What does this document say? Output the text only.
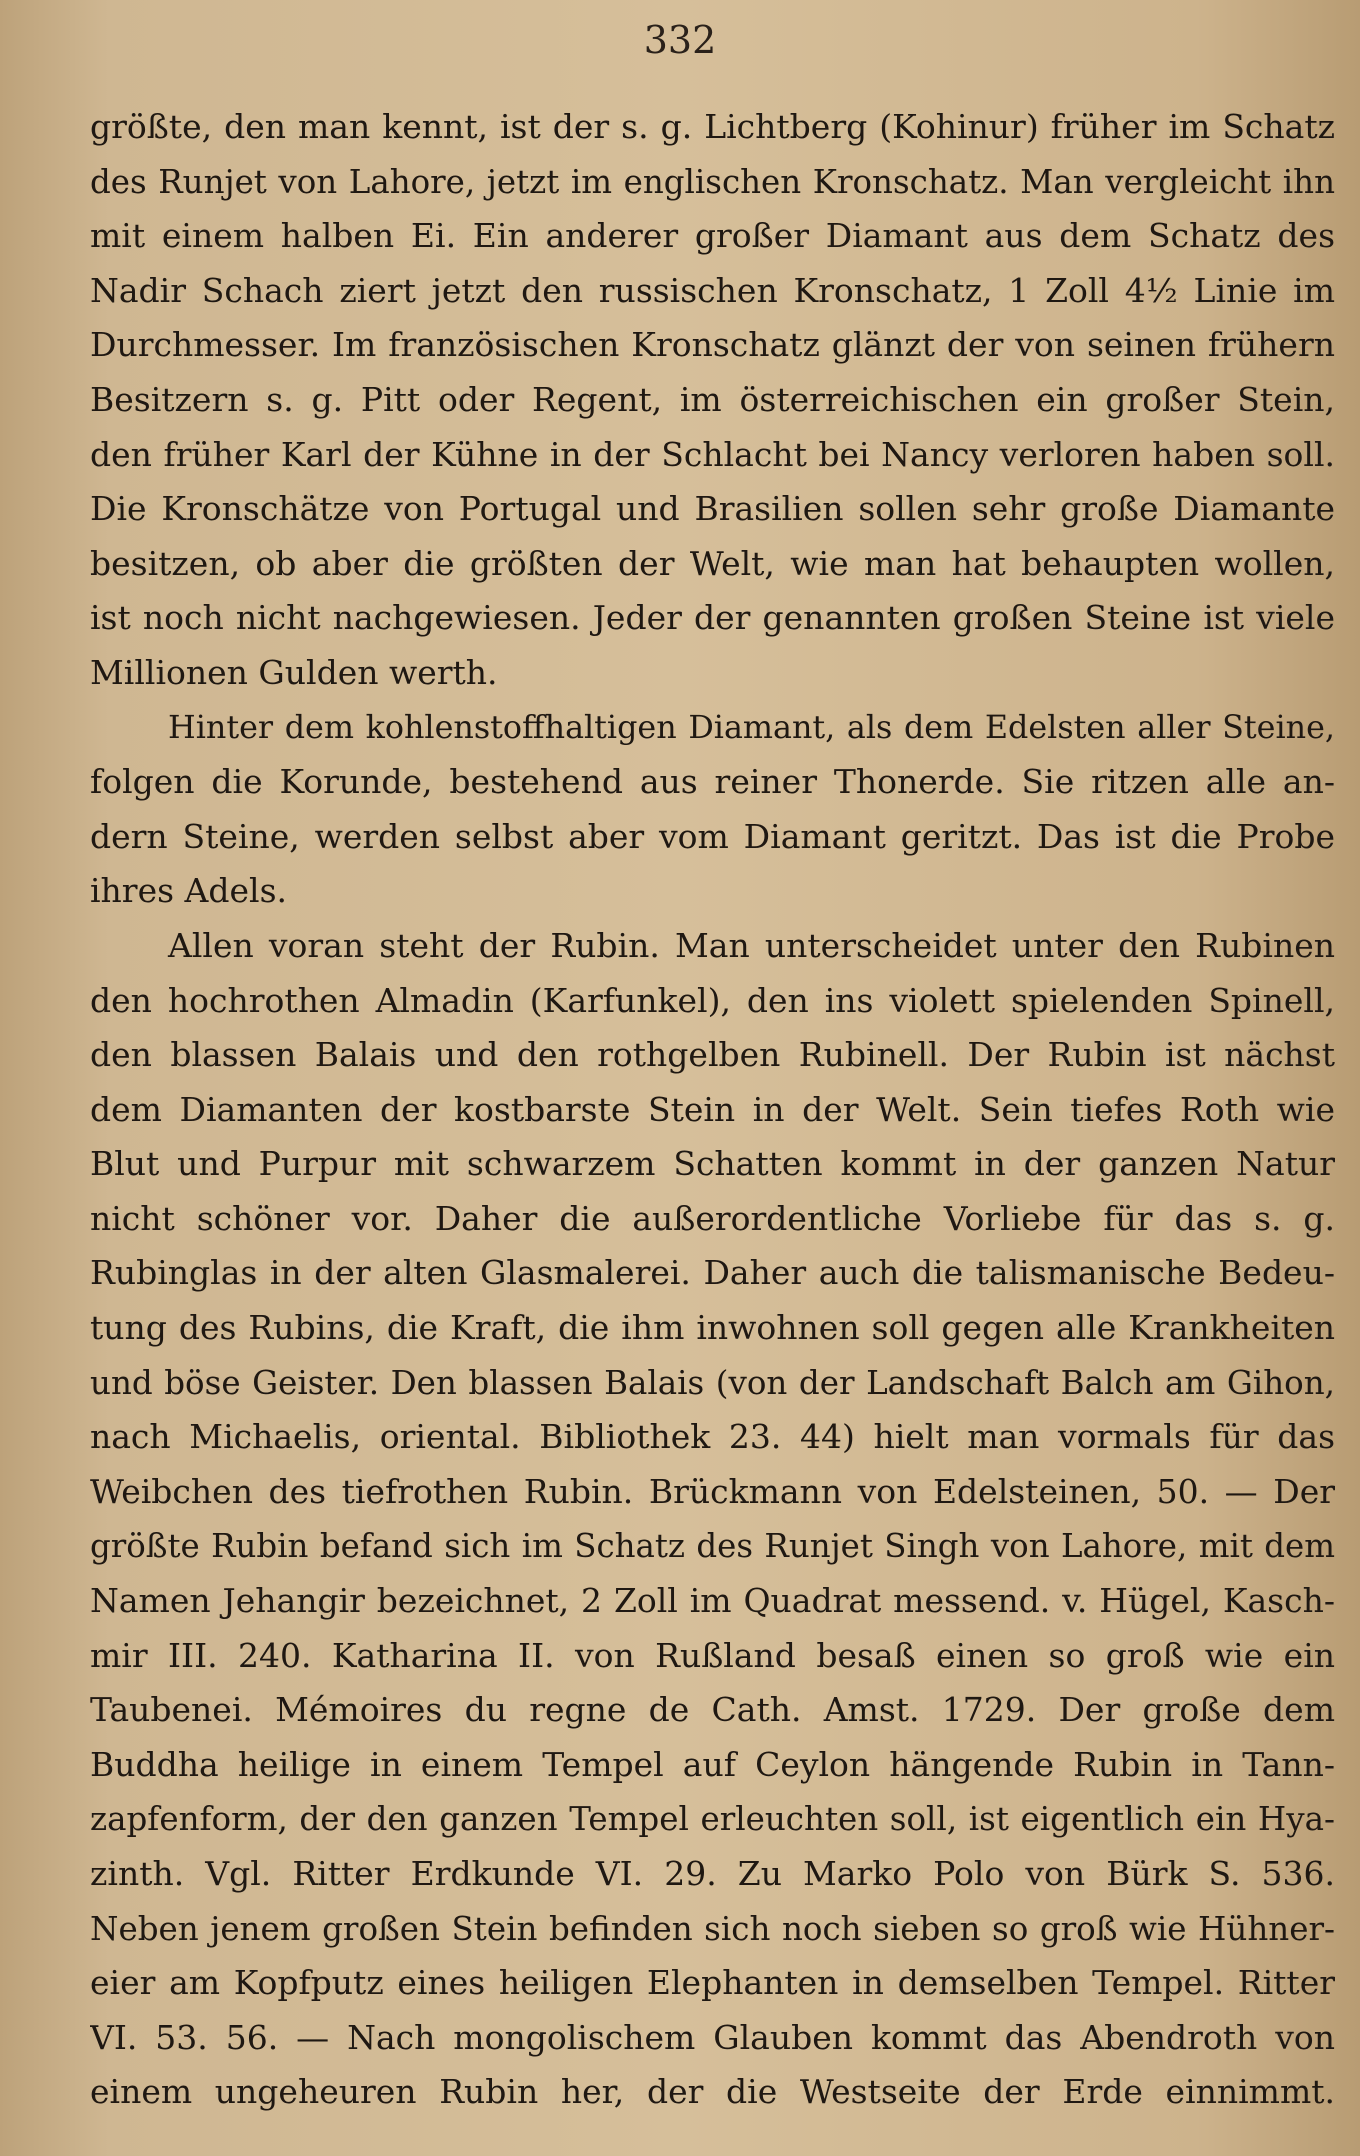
332
größte, den man kennt, ist der s. g. Lichtberg (Kohinur) früher im Schatz
des Runjet von Lahore, jetzt im englischen Kronschatz. Man vergleicht ihn
mit einem halben Ei. Ein anderer großer Diamant aus dem Schatz des
Nadir Schach ziert jetzt den russischen Kronschatz, 1 Zoll 4½ Linie im
Durchmesser. Im französischen Kronschatz glänzt der von seinen frühern
Besitzern s. g. Pitt oder Regent, im österreichischen ein großer Stein,
den früher Karl der Kühne in der Schlacht bei Nancy verloren haben soll.
Die Kronschätze von Portugal und Brasilien sollen sehr große Diamante
besitzen, ob aber die größten der Welt, wie man hat behaupten wollen,
ist noch nicht nachgewiesen. Jeder der genannten großen Steine ist viele
Millionen Gulden werth.
Hinter dem kohlenstoffhaltigen Diamant, als dem Edelsten aller Steine,
folgen die Korunde, bestehend aus reiner Thonerde. Sie ritzen alle an-
dern Steine, werden selbst aber vom Diamant geritzt. Das ist die Probe
ihres Adels.
Allen voran steht der Rubin. Man unterscheidet unter den Rubinen
den hochrothen Almadin (Karfunkel), den ins violett spielenden Spinell,
den blassen Balais und den rothgelben Rubinell. Der Rubin ist nächst
dem Diamanten der kostbarste Stein in der Welt. Sein tiefes Roth wie
Blut und Purpur mit schwarzem Schatten kommt in der ganzen Natur
nicht schöner vor. Daher die außerordentliche Vorliebe für das s. g.
Rubinglas in der alten Glasmalerei. Daher auch die talismanische Bedeu-
tung des Rubins, die Kraft, die ihm inwohnen soll gegen alle Krankheiten
und böse Geister. Den blassen Balais (von der Landschaft Balch am Gihon,
nach Michaelis, oriental. Bibliothek 23. 44) hielt man vormals für das
Weibchen des tiefrothen Rubin. Brückmann von Edelsteinen, 50. — Der
größte Rubin befand sich im Schatz des Runjet Singh von Lahore, mit dem
Namen Jehangir bezeichnet, 2 Zoll im Quadrat messend. v. Hügel, Kasch-
mir III. 240. Katharina II. von Rußland besaß einen so groß wie ein
Taubenei. Mémoires du regne de Cath. Amst. 1729. Der große dem
Buddha heilige in einem Tempel auf Ceylon hängende Rubin in Tann-
zapfenform, der den ganzen Tempel erleuchten soll, ist eigentlich ein Hya-
zinth. Vgl. Ritter Erdkunde VI. 29. Zu Marko Polo von Bürk S. 536.
Neben jenem großen Stein befinden sich noch sieben so groß wie Hühner-
eier am Kopfputz eines heiligen Elephanten in demselben Tempel. Ritter
VI. 53. 56. — Nach mongolischem Glauben kommt das Abendroth von
einem ungeheuren Rubin her, der die Westseite der Erde einnimmt.
